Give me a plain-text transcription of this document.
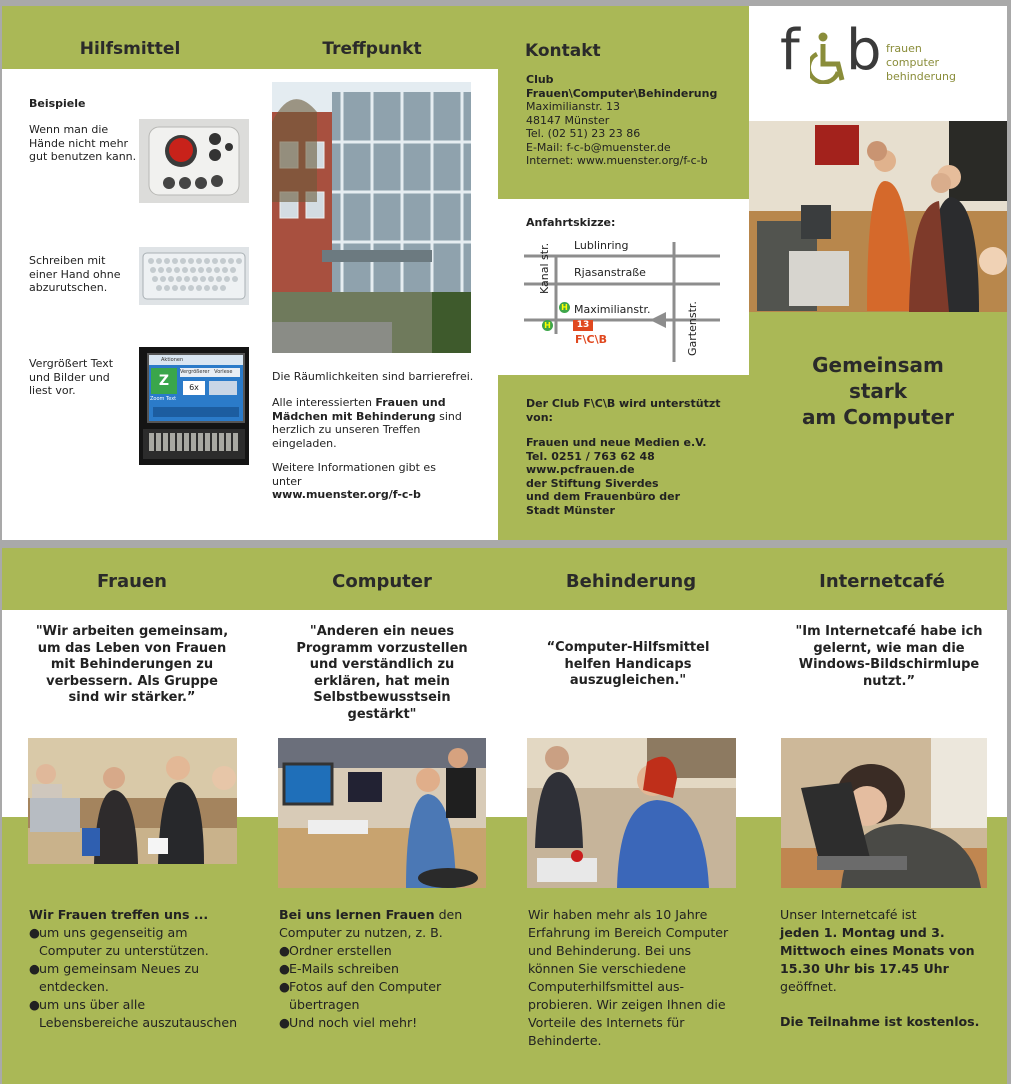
Hilfsmittel
Beispiele
Wenn man die Hände nicht mehr gut benutzen kann.
Schreiben mit einer Hand ohne abzurutschen.
Vergrößert Text und Bilder und liest vor.
Aktionen
Z
Zoom Text
Vergrößerer Vorlese
6x
Treffpunkt
Die Räumlichkeiten sind barrierefrei.
Alle interessierten Frauen und Mädchen mit Behinderung sind herzlich zu unseren Treffen eingeladen.
Weitere Informationen gibt es unter
www.muenster.org/f-c-b
Kontakt
Club
Frauen\Computer\Behinderung
Maximilianstr. 13
48147 Münster
Tel. (02 51) 23 23 86
E-Mail: f-c-b@muenster.de
Internet: www.muenster.org/f-c-b
Anfahrtskizze:
Lublinring
Rjasanstraße
Kanal str.
Maximilianstr.	Gartenstr.
H
H	13
F\C\B
Der Club F\C\B wird unterstützt von:
Frauen und neue Medien e.V.
Tel. 0251 / 763 62 48
www.pcfrauen.de
der Stiftung Siverdes
und dem Frauenbüro der
Stadt Münster
f b frauen
computer
behinderung
Gemeinsam
stark
am Computer
Frauen	Computer	Behinderung	Internetcafé
"Wir arbeiten gemeinsam, um das Leben von Frauen mit Behinderungen zu verbessern. Als Gruppe sind wir stärker.”
"Anderen ein neues Programm vorzustellen und verständlich zu erklären, hat mein Selbstbewusstsein gestärkt"
“Computer-Hilfsmittel helfen Handicaps auszugleichen."
"Im Internetcafé habe ich gelernt, wie man die Windows-Bildschirmlupe nutzt.”
Wir Frauen treffen uns ...
● um uns gegenseitig am Computer zu unterstützen.
● um gemeinsam Neues zu entdecken.
● um uns über alle Lebensbereiche auszutauschen
Bei uns lernen Frauen den Computer zu nutzen, z. B.
● Ordner erstellen
● E-Mails schreiben
● Fotos auf den Computer übertragen
● Und noch viel mehr!
Wir haben mehr als 10 Jahre Erfahrung im Bereich Computer und Behinderung. Bei uns können Sie verschiedene Computerhilfsmittel aus-probieren. Wir zeigen Ihnen die Vorteile des Internets für Behinderte.
Unser Internetcafé ist
jeden 1. Montag und 3. Mittwoch eines Monats von 15.30 Uhr bis 17.45 Uhr
geöffnet.
Die Teilnahme ist kostenlos.
